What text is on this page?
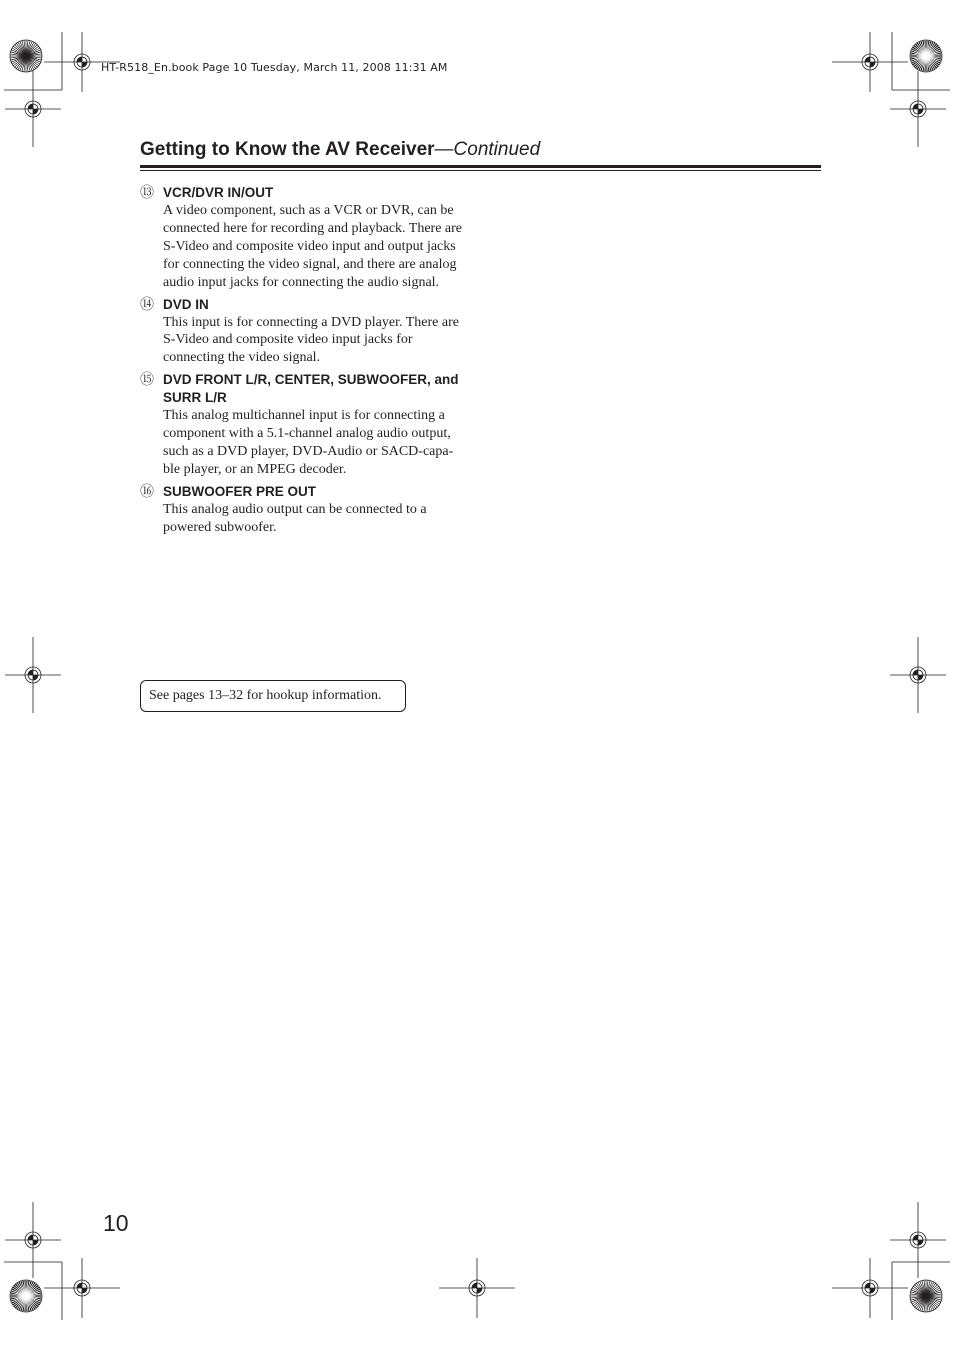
HT-R518_En.book Page 10 Tuesday, March 11, 2008 11:31 AM
Getting to Know the AV Receiver—Continued
⑬ VCR/DVR IN/OUT
A video component, such as a VCR or DVR, can be connected here for recording and playback. There are S-Video and composite video input and output jacks for connecting the video signal, and there are analog audio input jacks for connecting the audio signal.
⑭ DVD IN
This input is for connecting a DVD player. There are S-Video and composite video input jacks for connecting the video signal.
⑮ DVD FRONT L/R, CENTER, SUBWOOFER, and SURR L/R
This analog multichannel input is for connecting a component with a 5.1-channel analog audio output, such as a DVD player, DVD-Audio or SACD-capa-ble player, or an MPEG decoder.
⑯ SUBWOOFER PRE OUT
This analog audio output can be connected to a powered subwoofer.
See pages 13–32 for hookup information.
10
